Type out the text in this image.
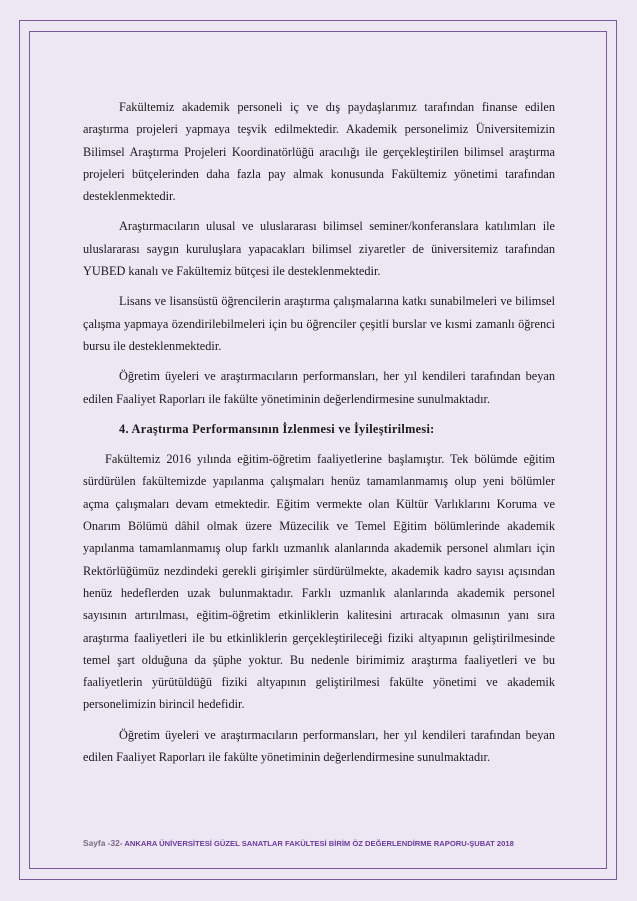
Fakültemiz akademik personeli iç ve dış paydaşlarımız tarafından finanse edilen araştırma projeleri yapmaya teşvik edilmektedir. Akademik personelimiz Üniversitemizin Bilimsel Araştırma Projeleri Koordinatörlüğü aracılığı ile gerçekleştirilen bilimsel araştırma projeleri bütçelerinden daha fazla pay almak konusunda Fakültemiz yönetimi tarafından desteklenmektedir.

Araştırmacıların ulusal ve uluslararası bilimsel seminer/konferanslara katılımları ile uluslararası saygın kuruluşlara yapacakları bilimsel ziyaretler de üniversitemiz tarafından YUBED kanalı ve Fakültemiz bütçesi ile desteklenmektedir.

Lisans ve lisansüstü öğrencilerin araştırma çalışmalarına katkı sunabilmeleri ve bilimsel çalışma yapmaya özendirilebilmeleri için bu öğrenciler çeşitli burslar ve kısmi zamanlı öğrenci bursu ile desteklenmektedir.

Öğretim üyeleri ve araştırmacıların performansları, her yıl kendileri tarafından beyan edilen Faaliyet Raporları ile fakülte yönetiminin değerlendirmesine sunulmaktadır.

4. Araştırma Performansının İzlenmesi ve İyileştirilmesi:

Fakültemiz 2016 yılında eğitim-öğretim faaliyetlerine başlamıştır. Tek bölümde eğitim sürdürülen fakültemizde yapılanma çalışmaları henüz tamamlanmamış olup yeni bölümler açma çalışmaları devam etmektedir. Eğitim vermekte olan Kültür Varlıklarını Koruma ve Onarım Bölümü dâhil olmak üzere Müzecilik ve Temel Eğitim bölümlerinde akademik yapılanma tamamlanmamış olup farklı uzmanlık alanlarında akademik personel alımları için Rektörlüğümüz nezdindeki gerekli girişimler sürdürülmekte, akademik kadro sayısı açısından henüz hedeflerden uzak bulunmaktadır. Farklı uzmanlık alanlarında akademik personel sayısının artırılması, eğitim-öğretim etkinliklerin kalitesini artıracak olmasının yanı sıra araştırma faaliyetleri ile bu etkinliklerin gerçekleştirileceği fiziki altyapının geliştirilmesinde temel şart olduğuna da şüphe yoktur. Bu nedenle birimimiz araştırma faaliyetleri ve bu faaliyetlerin yürütüldüğü fiziki altyapının geliştirilmesi fakülte yönetimi ve akademik personelimizin birincil hedefidir.

Öğretim üyeleri ve araştırmacıların performansları, her yıl kendileri tarafından beyan edilen Faaliyet Raporları ile fakülte yönetiminin değerlendirmesine sunulmaktadır.

Sayfa -32- ANKARA ÜNİVERSİTESİ GÜZEL SANATLAR FAKÜLTESİ BİRİM ÖZ DEĞERLENDİRME RAPORU-ŞUBAT 2018
